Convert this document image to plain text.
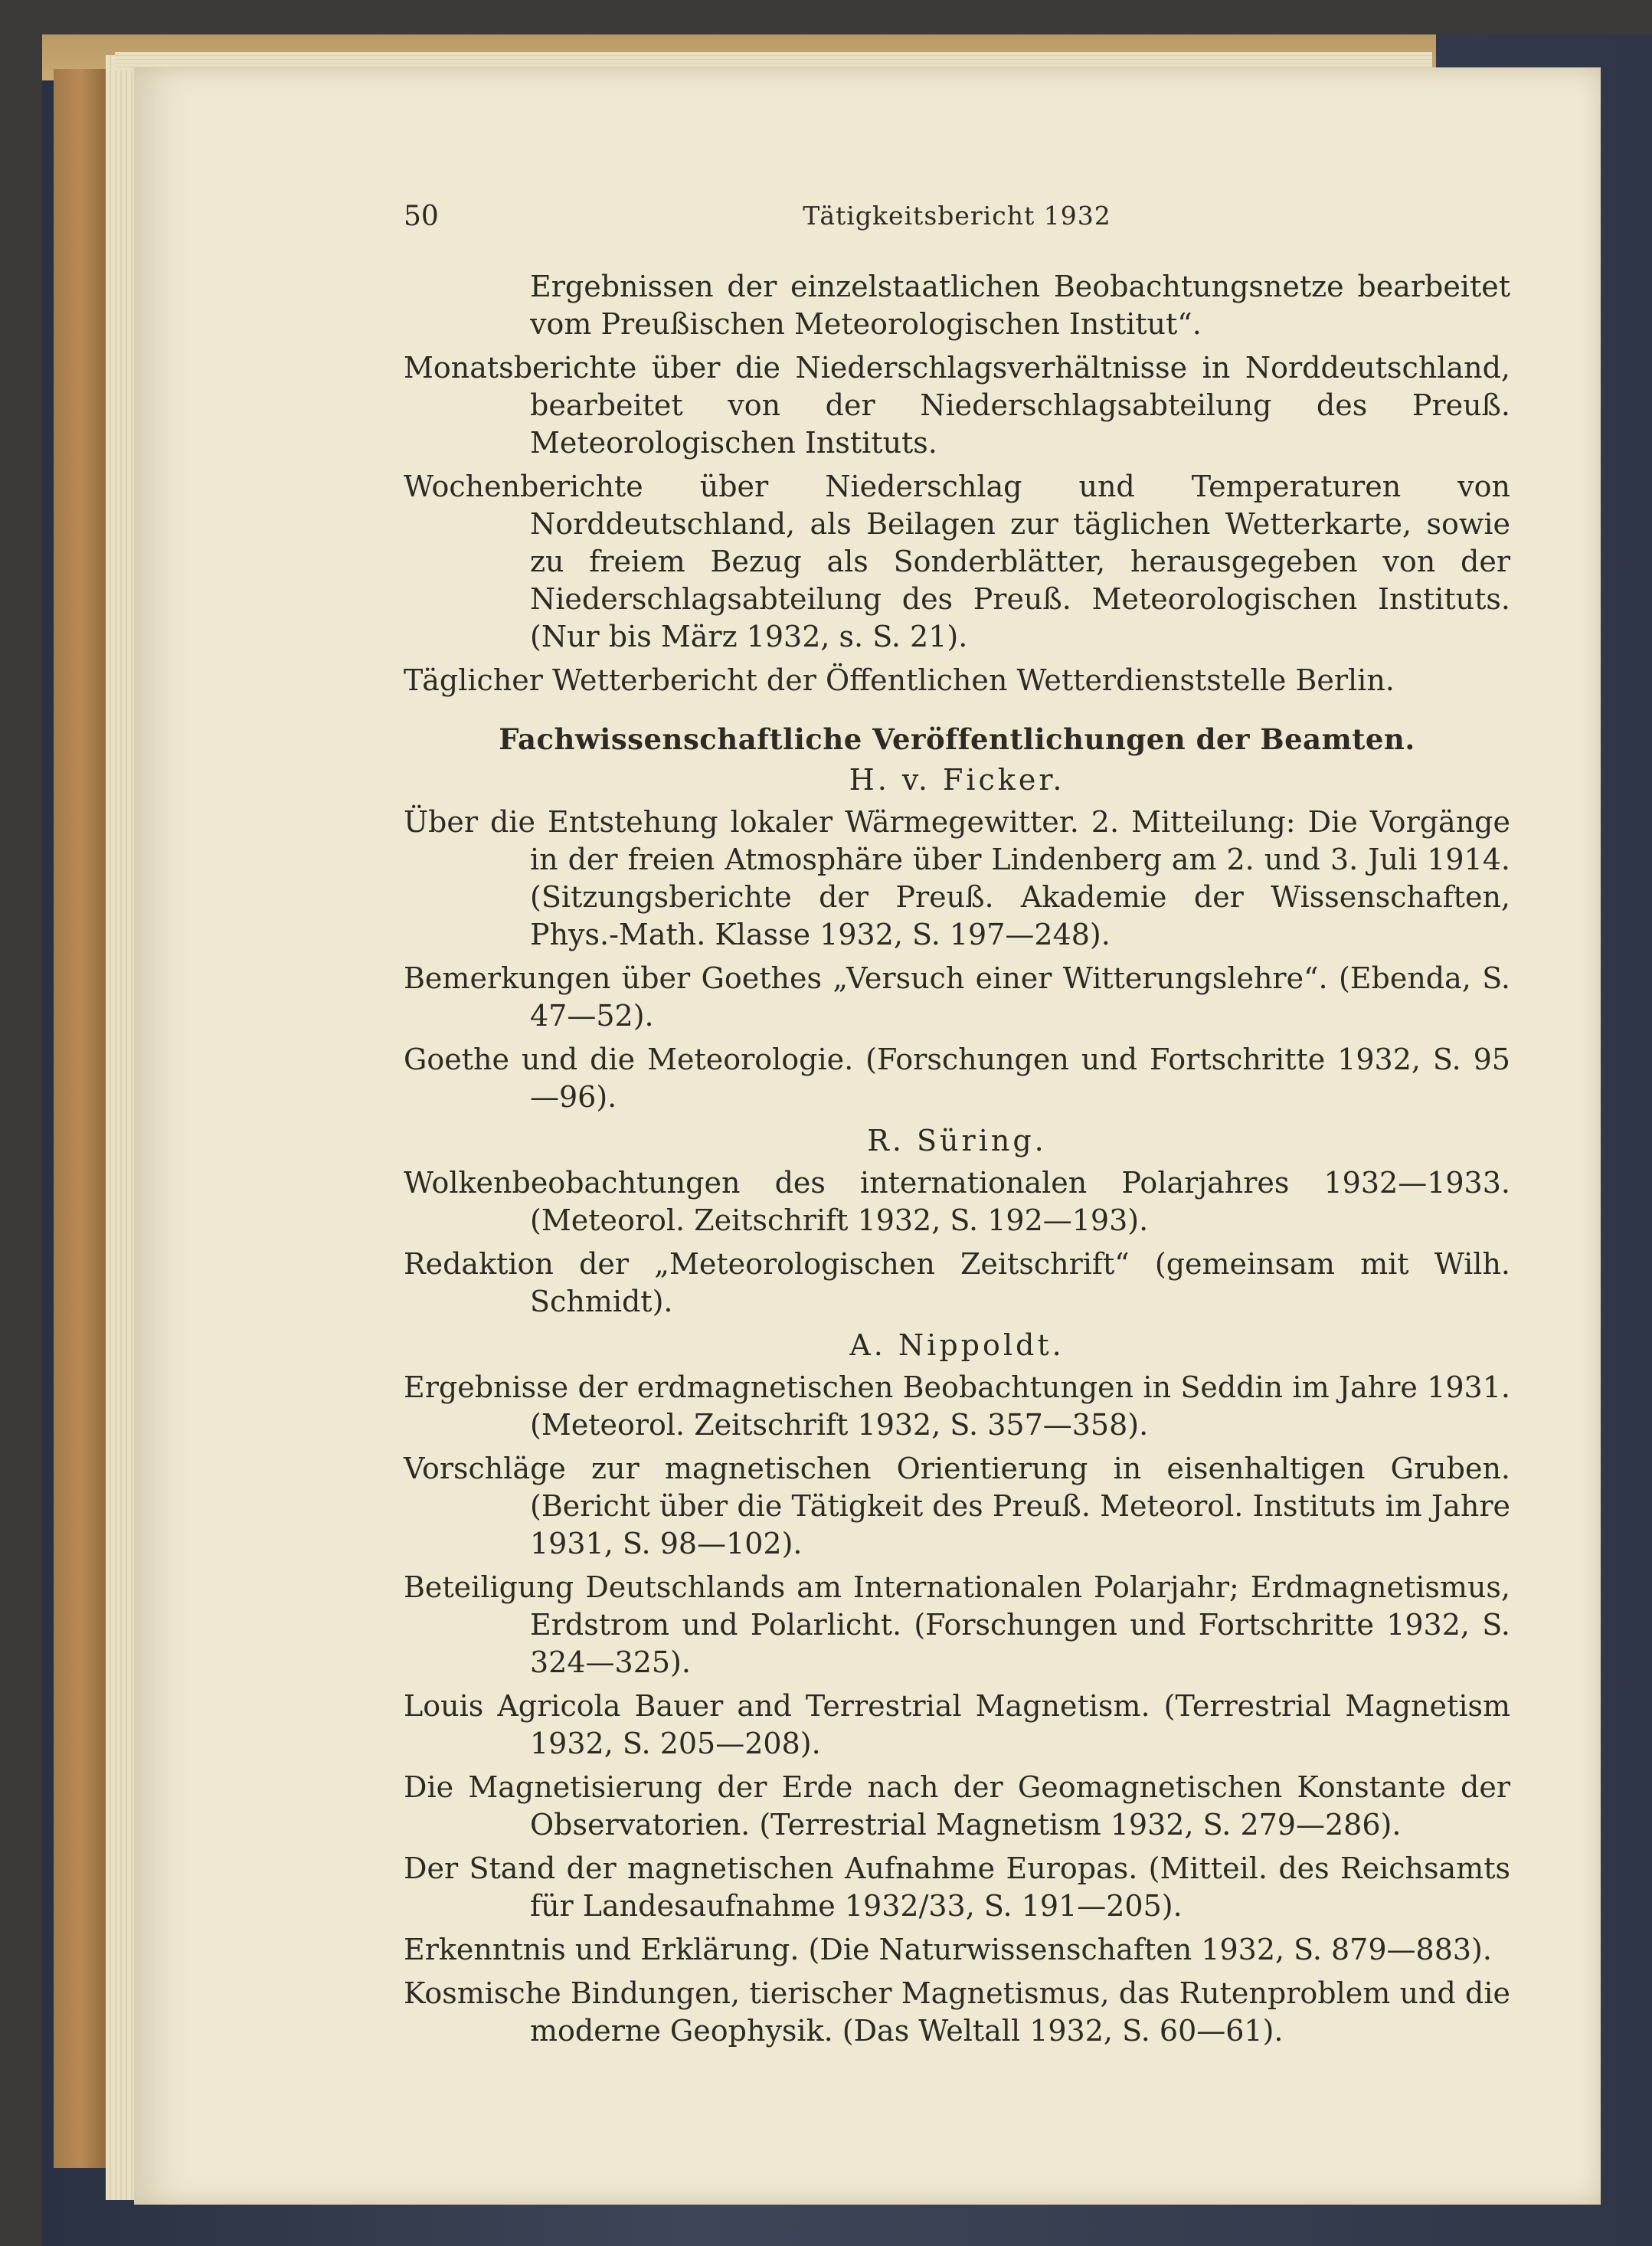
50	Tätigkeitsbericht 1932

Ergebnissen der einzelstaatlichen Beobachtungsnetze bearbeitet vom Preußischen Meteorologischen Institut“.

Monatsberichte über die Niederschlagsverhältnisse in Norddeutschland, bearbeitet von der Niederschlagsabteilung des Preuß. Meteorologischen Instituts.

Wochenberichte über Niederschlag und Temperaturen von Norddeutschland, als Beilagen zur täglichen Wetterkarte, sowie zu freiem Bezug als Sonderblätter, herausgegeben von der Niederschlagsabteilung des Preuß. Meteorologischen Instituts. (Nur bis März 1932, s. S. 21).

Täglicher Wetterbericht der Öffentlichen Wetterdienststelle Berlin.

Fachwissenschaftliche Veröffentlichungen der Beamten.
H. v. Ficker.

Über die Entstehung lokaler Wärmegewitter. 2. Mitteilung: Die Vorgänge in der freien Atmosphäre über Lindenberg am 2. und 3. Juli 1914. (Sitzungsberichte der Preuß. Akademie der Wissenschaften, Phys.-Math. Klasse 1932, S. 197—248).

Bemerkungen über Goethes „Versuch einer Witterungslehre“. (Ebenda, S. 47—52).

Goethe und die Meteorologie. (Forschungen und Fortschritte 1932, S. 95—96).

R. Süring.

Wolkenbeobachtungen des internationalen Polarjahres 1932—1933. (Meteorol. Zeitschrift 1932, S. 192—193).

Redaktion der „Meteorologischen Zeitschrift“ (gemeinsam mit Wilh. Schmidt).

A. Nippoldt.

Ergebnisse der erdmagnetischen Beobachtungen in Seddin im Jahre 1931. (Meteorol. Zeitschrift 1932, S. 357—358).

Vorschläge zur magnetischen Orientierung in eisenhaltigen Gruben. (Bericht über die Tätigkeit des Preuß. Meteorol. Instituts im Jahre 1931, S. 98—102).

Beteiligung Deutschlands am Internationalen Polarjahr; Erdmagnetismus, Erdstrom und Polarlicht. (Forschungen und Fortschritte 1932, S. 324—325).

Louis Agricola Bauer and Terrestrial Magnetism. (Terrestrial Magnetism 1932, S. 205—208).

Die Magnetisierung der Erde nach der Geomagnetischen Konstante der Observatorien. (Terrestrial Magnetism 1932, S. 279—286).

Der Stand der magnetischen Aufnahme Europas. (Mitteil. des Reichsamts für Landesaufnahme 1932/33, S. 191—205).

Erkenntnis und Erklärung. (Die Naturwissenschaften 1932, S. 879—883).

Kosmische Bindungen, tierischer Magnetismus, das Rutenproblem und die moderne Geophysik. (Das Weltall 1932, S. 60—61).
